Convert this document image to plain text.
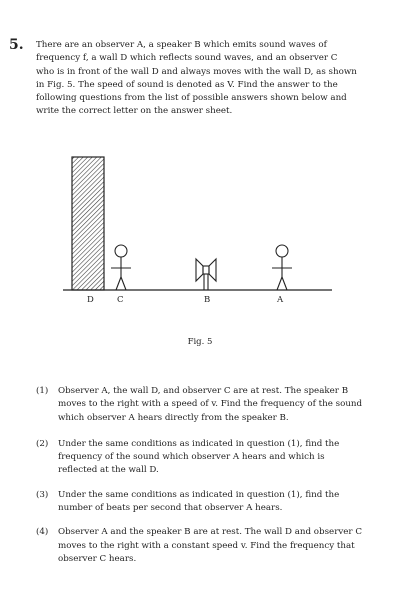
5. There are an observer A, a speaker B which emits sound waves of frequency f, a wall D which reflects sound waves, and an observer C who is in front of the wall D and always moves with the wall D, as shown in Fig. 5. The speed of sound is denoted as V. Find the answer to the following questions from the list of possible answers shown below and write the correct letter on the answer sheet.

D	C	B	A
Fig. 5
(1)	Observer A, the wall D, and observer C are at rest. The speaker B moves to the right with a speed of v. Find the frequency of the sound which observer A hears directly from the speaker B.
(2)	Under the same conditions as indicated in question (1), find the frequency of the sound which observer A hears and which is reflected at the wall D.
(3)	Under the same conditions as indicated in question (1), find the number of beats per second that observer A hears.
(4)	Observer A and the speaker B are at rest. The wall D and observer C moves to the right with a constant speed v. Find the frequency that observer C hears.
